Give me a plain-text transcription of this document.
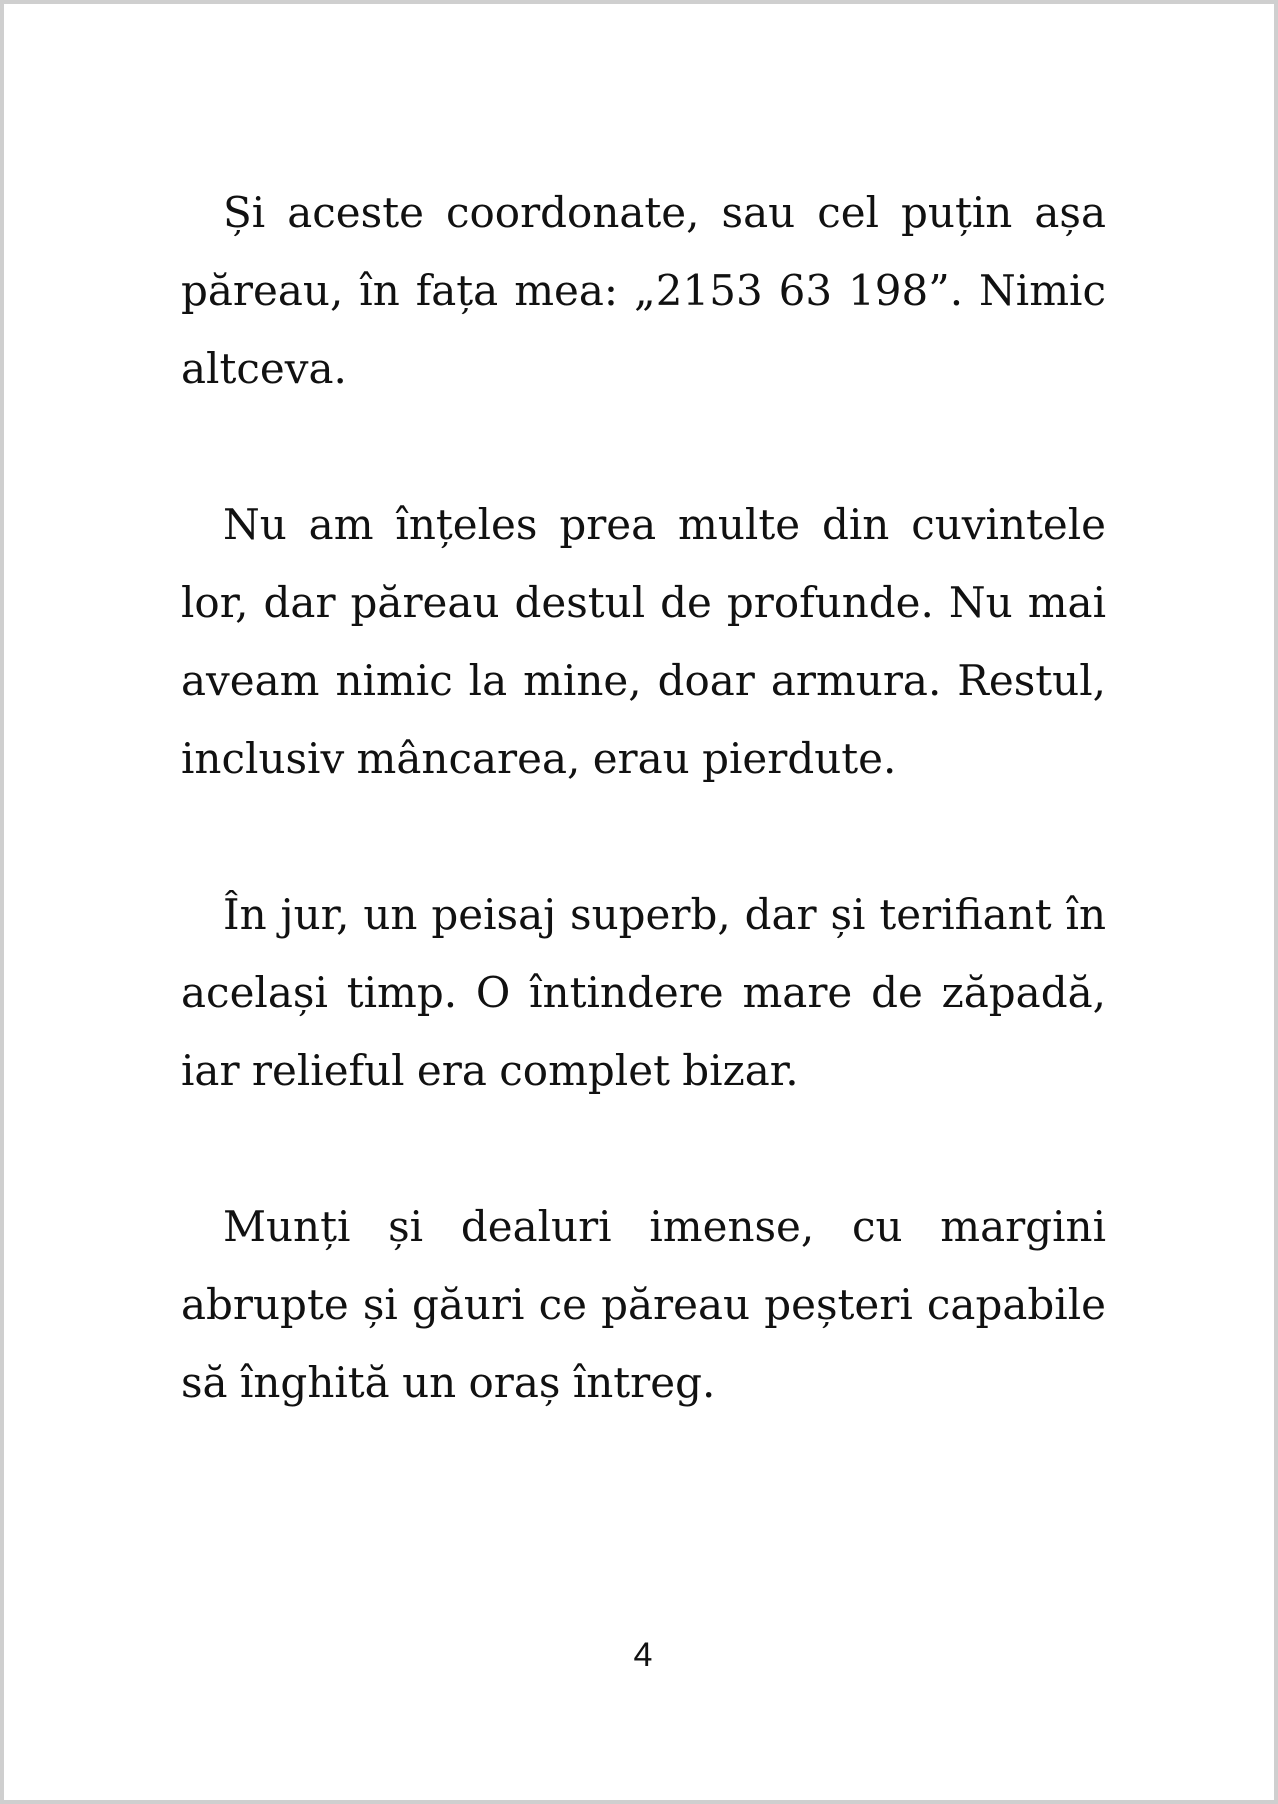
Și aceste coordonate, sau cel puțin așa păreau, în fața mea: „2153 63 198”. Nimic altceva.

Nu am înțeles prea multe din cuvintele lor, dar păreau destul de profunde. Nu mai aveam nimic la mine, doar armura. Restul, inclusiv mâncarea, erau pierdute.

În jur, un peisaj superb, dar și terifiant în același timp. O întindere mare de zăpadă, iar relieful era complet bizar.

Munți și dealuri imense, cu margini abrupte și găuri ce păreau peșteri capabile să înghită un oraș întreg.

4
